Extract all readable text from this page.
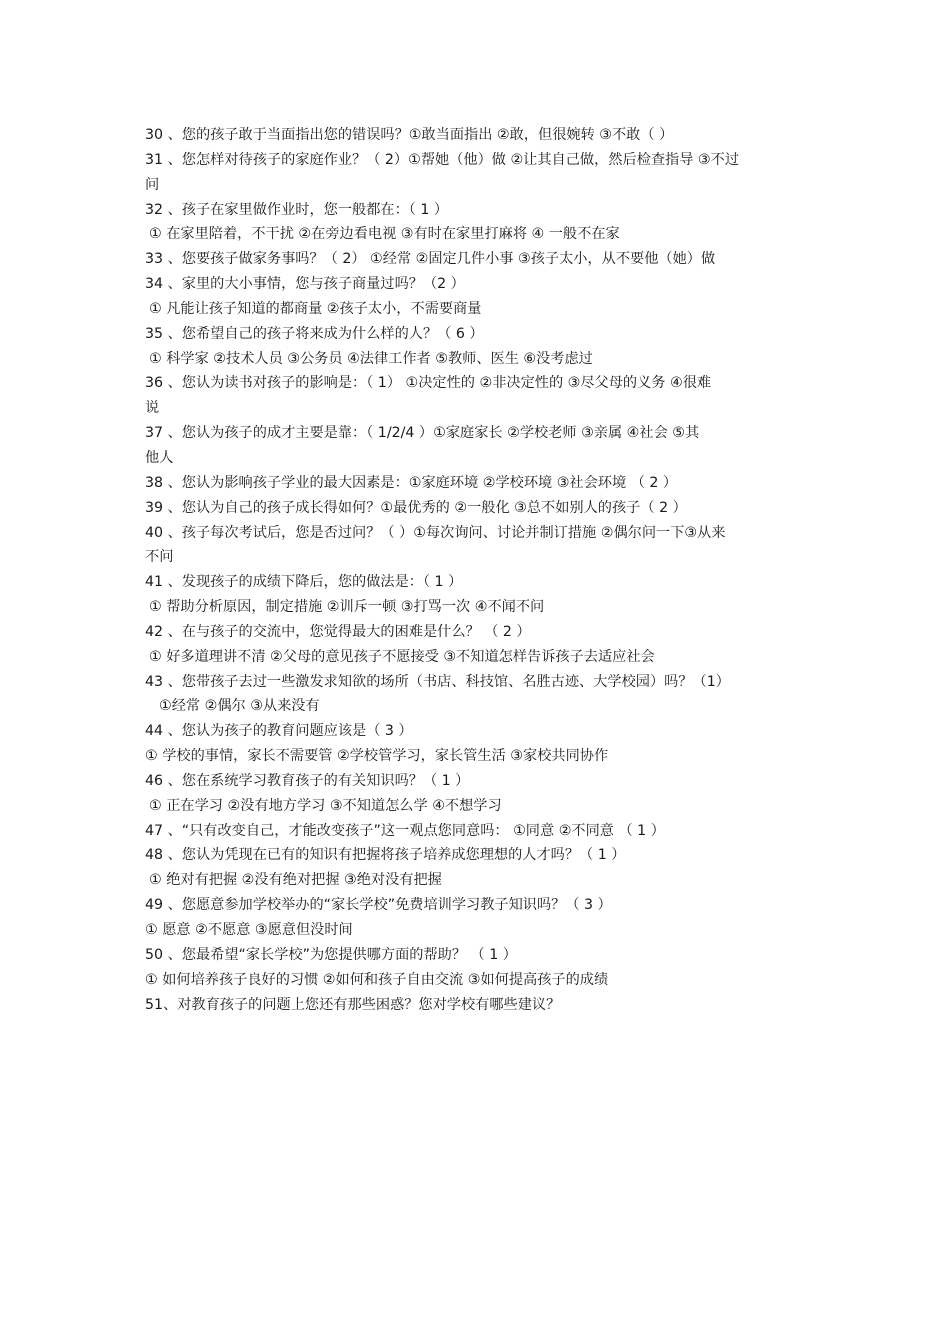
30 、您的孩子敢于当面指出您的错误吗？①敢当面指出 ②敢，但很婉转 ③不敢（ ）
31 、您怎样对待孩子的家庭作业？（ 2）①帮她（他）做 ②让其自己做，然后检查指导 ③不过
问
32 、孩子在家里做作业时，您一般都在：（ 1 ）
① 在家里陪着，不干扰 ②在旁边看电视 ③有时在家里打麻将 ④ 一般不在家
33 、您要孩子做家务事吗？（ 2） ①经常 ②固定几件小事 ③孩子太小，从不要他（她）做
34 、家里的大小事情，您与孩子商量过吗？（2 ）
① 凡能让孩子知道的都商量 ②孩子太小，不需要商量
35 、您希望自己的孩子将来成为什么样的人？（ 6 ）
① 科学家 ②技术人员 ③公务员 ④法律工作者 ⑤教师、医生 ⑥没考虑过
36 、您认为读书对孩子的影响是：（ 1） ①决定性的 ②非决定性的 ③尽父母的义务 ④很难
说
37 、您认为孩子的成才主要是靠：（ 1/2/4 ）①家庭家长 ②学校老师 ③亲属 ④社会 ⑤其
他人
38 、您认为影响孩子学业的最大因素是：①家庭环境 ②学校环境 ③社会环境 （ 2 ）
39 、您认为自己的孩子成长得如何？①最优秀的 ②一般化 ③总不如别人的孩子（ 2 ）
40 、孩子每次考试后，您是否过问？（ ）①每次询问、讨论并制订措施 ②偶尔问一下③从来
不问
41 、发现孩子的成绩下降后，您的做法是：（ 1 ）
① 帮助分析原因，制定措施 ②训斥一顿 ③打骂一次 ④不闻不问
42 、在与孩子的交流中，您觉得最大的困难是什么？ （ 2 ）
① 好多道理讲不清 ②父母的意见孩子不愿接受 ③不知道怎样告诉孩子去适应社会
43 、您带孩子去过一些激发求知欲的场所（书店、科技馆、名胜古迹、大学校园）吗？（1）
①经常 ②偶尔 ③从来没有
44 、您认为孩子的教育问题应该是（ 3 ）
① 学校的事情，家长不需要管 ②学校管学习，家长管生活 ③家校共同协作
46 、您在系统学习教育孩子的有关知识吗？（ 1 ）
① 正在学习 ②没有地方学习 ③不知道怎么学 ④不想学习
47 、“只有改变自己，才能改变孩子”这一观点您同意吗： ①同意 ②不同意 （ 1 ）
48 、您认为凭现在已有的知识有把握将孩子培养成您理想的人才吗？（ 1 ）
① 绝对有把握 ②没有绝对把握 ③绝对没有把握
49 、您愿意参加学校举办的“家长学校”免费培训学习教子知识吗？（ 3 ）
① 愿意 ②不愿意 ③愿意但没时间
50 、您最希望“家长学校”为您提供哪方面的帮助？ （ 1 ）
① 如何培养孩子良好的习惯 ②如何和孩子自由交流 ③如何提高孩子的成绩
51、对教育孩子的问题上您还有那些困惑？您对学校有哪些建议？
